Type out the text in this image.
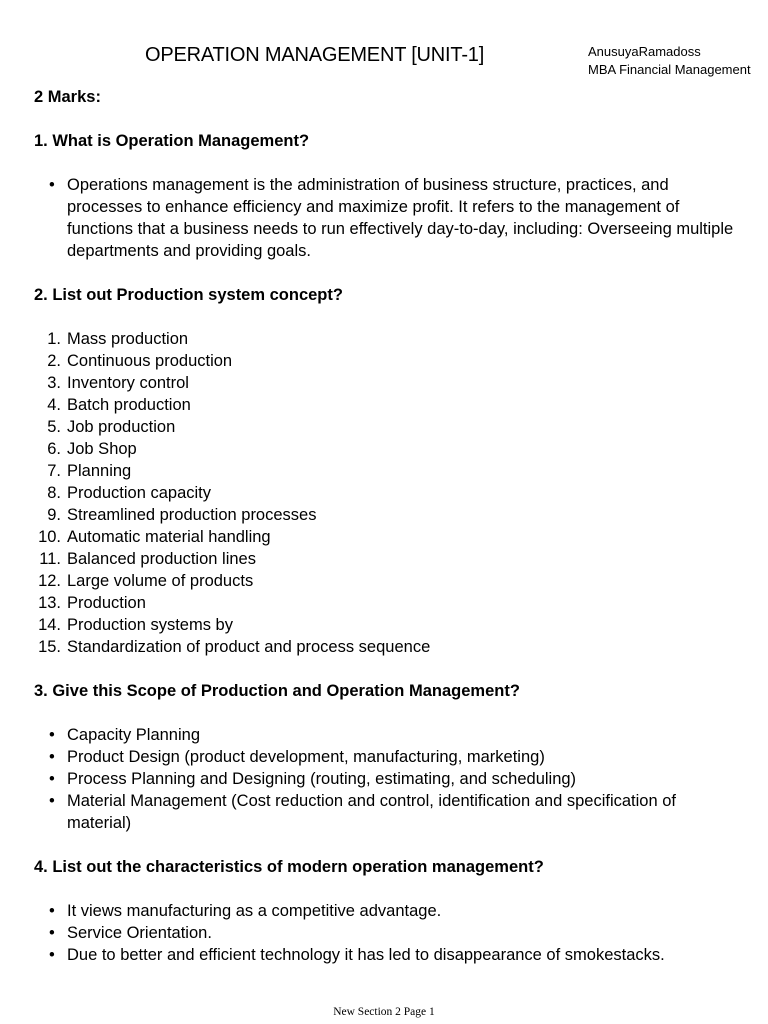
OPERATION MANAGEMENT [UNIT-1]	AnusuyaRamadoss
MBA Financial Management

2 Marks:

1. What is Operation Management?

• Operations management is the administration of business structure, practices, and processes to enhance efficiency and maximize profit. It refers to the management of functions that a business needs to run effectively day-to-day, including: Overseeing multiple departments and providing goals.

2. List out Production system concept?

1. Mass production
2. Continuous production
3. Inventory control
4. Batch production
5. Job production
6. Job Shop
7. Planning
8. Production capacity
9. Streamlined production processes
10. Automatic material handling
11. Balanced production lines
12. Large volume of products
13. Production
14. Production systems by
15. Standardization of product and process sequence

3. Give this Scope of Production and Operation Management?

• Capacity Planning
• Product Design (product development, manufacturing, marketing)
• Process Planning and Designing (routing, estimating, and scheduling)
• Material Management (Cost reduction and control, identification and specification of material)

4. List out the characteristics of modern operation management?

• It views manufacturing as a competitive advantage.
• Service Orientation.
• Due to better and efficient technology it has led to disappearance of smokestacks.
New Section 2 Page 1
